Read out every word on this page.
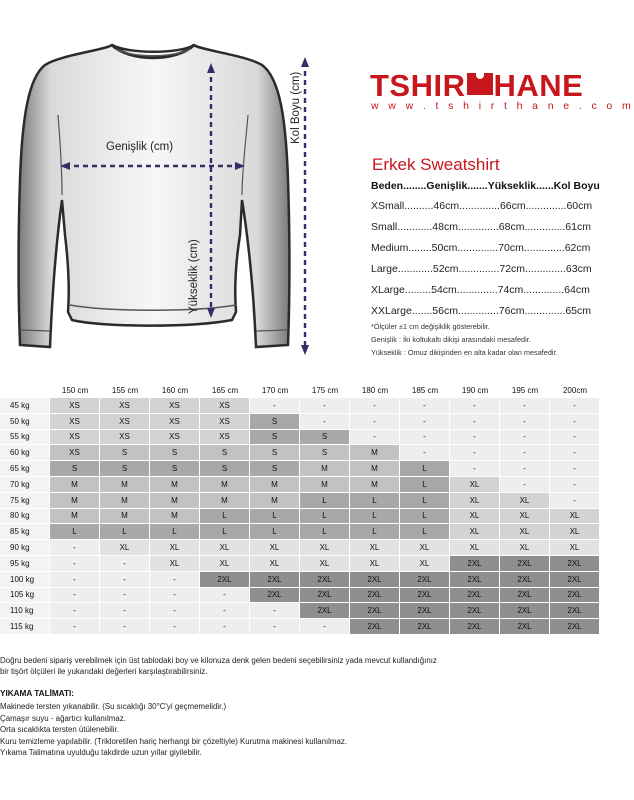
Genişlik (cm)
Yükseklik (cm)
Kol Boyu (cm) TSHIR HANE
w w w . t s h i r t h a n e . c o m
Erkek Sweatshirt
Beden........Genişlik.......Yükseklik......Kol Boyu
XSmall..........46cm..............66cm..............60cm
Small............48cm..............68cm..............61cm
Medium........50cm..............70cm..............62cm
Large............52cm..............72cm..............63cm
XLarge.........54cm..............74cm..............64cm
XXLarge.......56cm..............76cm..............65cm
*Ölçüler ±1 cm değişiklik gösterebilir.
Genişlik : İki koltukaltı dikişi arasındaki mesafedir.
Yükseklik : Omuz dikişinden en alta kadar olan mesafedir.
	150 cm	155 cm	160 cm	165 cm	170 cm	175 cm	180 cm	185 cm	190 cm	195 cm	200cm
45 kg	XS	XS	XS	XS	-	-	-	-	-	-	-
50 kg	XS	XS	XS	XS	S	-	-	-	-	-	-
55 kg	XS	XS	XS	XS	S	S	-	-	-	-	-
60 kg	XS	S	S	S	S	S	M	-	-	-	-
65 kg	S	S	S	S	S	M	M	L	-	-	-
70 kg	M	M	M	M	M	M	M	L	XL	-	-
75 kg	M	M	M	M	M	L	L	L	XL	XL	-
80 kg	M	M	M	L	L	L	L	L	XL	XL	XL
85 kg	L	L	L	L	L	L	L	L	XL	XL	XL
90 kg	-	XL	XL	XL	XL	XL	XL	XL	XL	XL	XL
95 kg	-	-	XL	XL	XL	XL	XL	XL	2XL	2XL	2XL
100 kg	-	-	-	2XL	2XL	2XL	2XL	2XL	2XL	2XL	2XL
105 kg	-	-	-	-	2XL	2XL	2XL	2XL	2XL	2XL	2XL
110 kg	-	-	-	-	-	2XL	2XL	2XL	2XL	2XL	2XL
115 kg	-	-	-	-	-	-	2XL	2XL	2XL	2XL	2XL
Doğru bedeni sipariş verebilmek için üst tablodaki boy ve kilonuza denk gelen bedeni seçebilirsiniz yada mevcut kullandığınız
bir tişört ölçüleri ile yukarıdaki değerleri karşılaştırabilirsiniz.
YIKAMA TALİMATI:
Makinede tersten yıkanabilir. (Su sıcaklığı 30°C'yi geçmemelidir.)
Çamaşır suyu - ağartıcı kullanılmaz.
Orta sıcaklıkta tersten ütülenebilir.
Kuru temizleme yapılabilir. (Trikloretilen hariç herhangi bir çözeltiyle) Kurutma makinesi kullanılmaz.
Yıkama Talimatına uyulduğu takdirde uzun yıllar giyilebilir.
